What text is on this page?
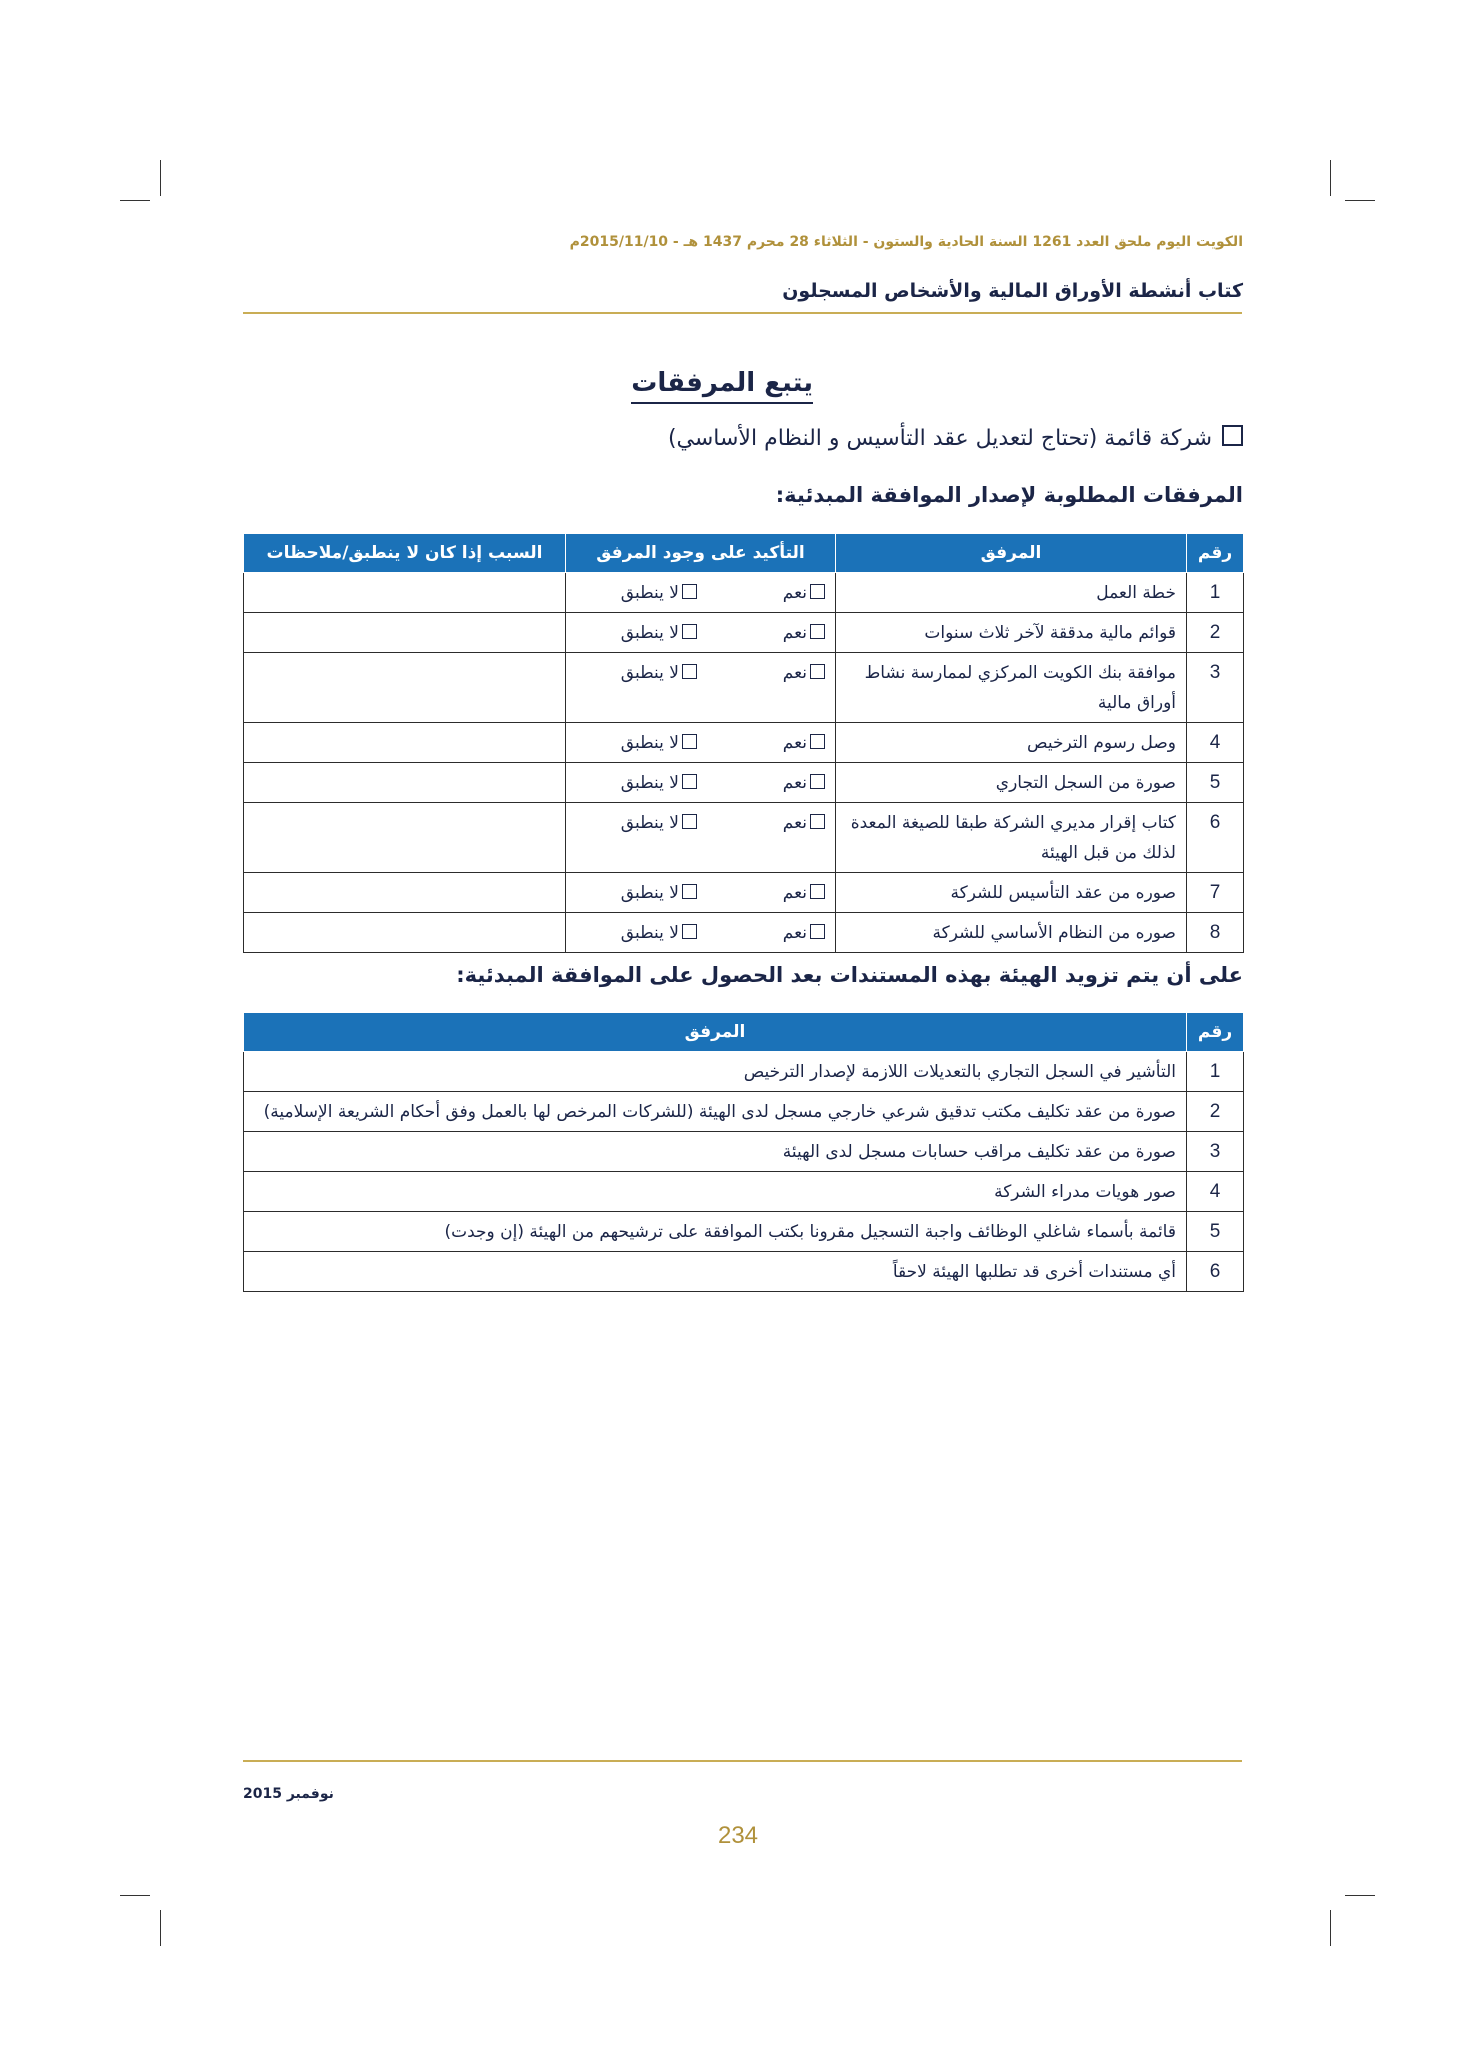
الكويت اليوم ملحق العدد 1261 السنة الحادية والستون - الثلاثاء 28 محرم 1437 هـ - 2015/11/10م
كتاب أنشطة الأوراق المالية والأشخاص المسجلون
يتبع المرفقات
شركة قائمة (تحتاج لتعديل عقد التأسيس و النظام الأساسي)
المرفقات المطلوبة لإصدار الموافقة المبدئية:
رقم	المرفق	التأكيد على وجود المرفق	السبب إذا كان لا ينطبق/ملاحظات
1	خطة العمل	نعملا ينطبق	
2	قوائم مالية مدققة لآخر ثلاث سنوات	نعملا ينطبق	
3	موافقة بنك الكويت المركزي لممارسة نشاط أوراق مالية	نعملا ينطبق	
4	وصل رسوم الترخيص	نعملا ينطبق	
5	صورة من السجل التجاري	نعملا ينطبق	
6	كتاب إقرار مديري الشركة طبقا للصيغة المعدة لذلك من قبل الهيئة	نعملا ينطبق	
7	صوره من عقد التأسيس للشركة	نعملا ينطبق	
8	صوره من النظام الأساسي للشركة	نعملا ينطبق	
على أن يتم تزويد الهيئة بهذه المستندات بعد الحصول على الموافقة المبدئية:
رقم	المرفق
1	التأشير في السجل التجاري بالتعديلات اللازمة لإصدار الترخيص
2	صورة من عقد تكليف مكتب تدقيق شرعي خارجي مسجل لدى الهيئة (للشركات المرخص لها بالعمل وفق أحكام الشريعة الإسلامية)
3	صورة من عقد تكليف مراقب حسابات مسجل لدى الهيئة
4	صور هويات مدراء الشركة
5	قائمة بأسماء شاغلي الوظائف واجبة التسجيل مقرونا بكتب الموافقة على ترشيحهم من الهيئة (إن وجدت)
6	أي مستندات أخرى قد تطلبها الهيئة لاحقاً
نوفمبر 2015
234
